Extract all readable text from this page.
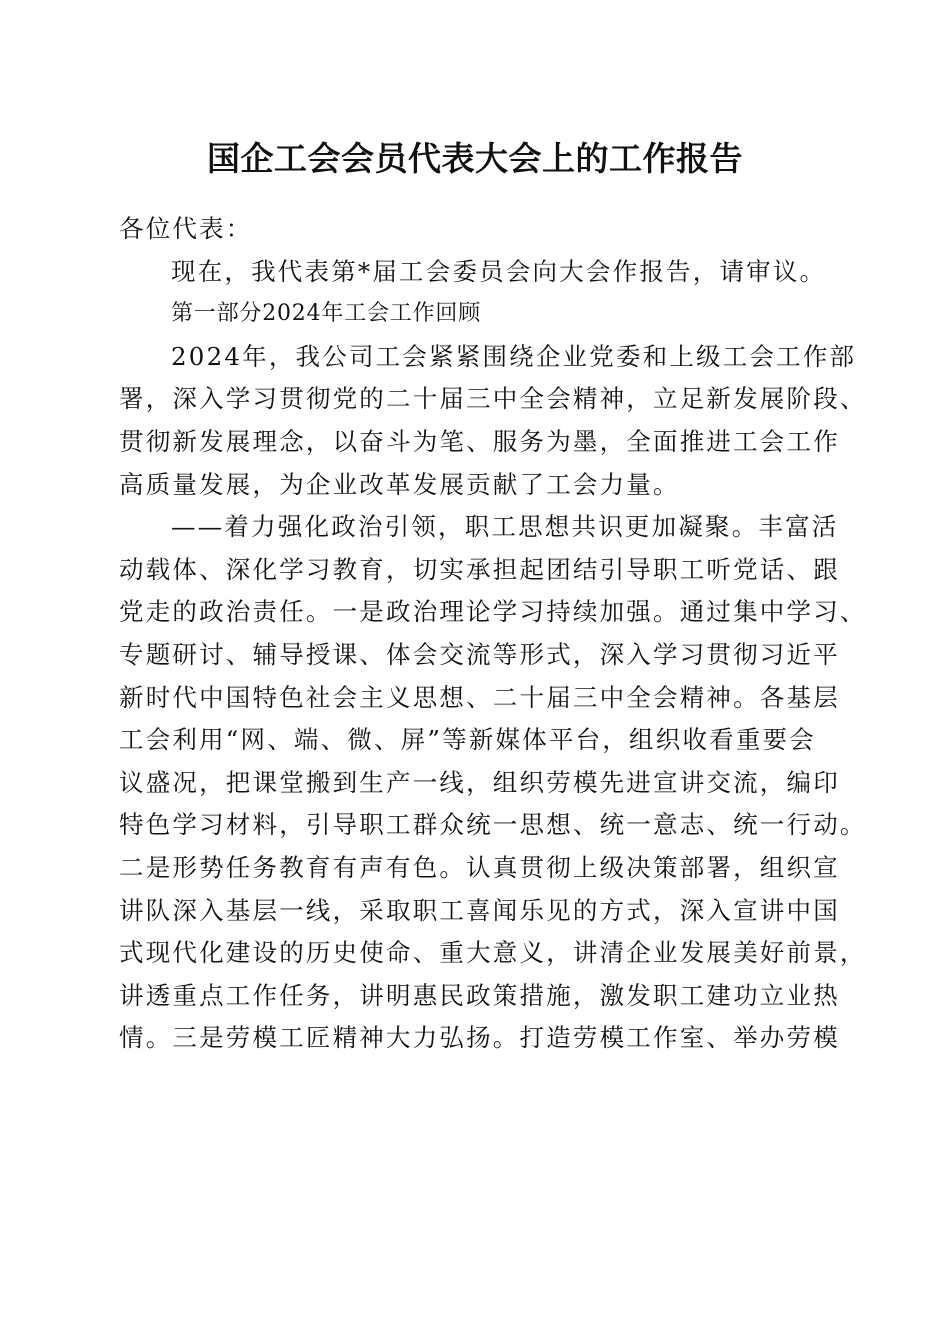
国企工会会员代表大会上的工作报告
各位代表：
现在，我代表第*届工会委员会向大会作报告，请审议。
第一部分2024年工会工作回顾
2024年，我公司工会紧紧围绕企业党委和上级工会工作部
署，深入学习贯彻党的二十届三中全会精神，立足新发展阶段、
贯彻新发展理念，以奋斗为笔、服务为墨，全面推进工会工作
高质量发展，为企业改革发展贡献了工会力量。
——着力强化政治引领，职工思想共识更加凝聚。丰富活
动载体、深化学习教育，切实承担起团结引导职工听党话、跟
党走的政治责任。一是政治理论学习持续加强。通过集中学习、
专题研讨、辅导授课、体会交流等形式，深入学习贯彻习近平
新时代中国特色社会主义思想、二十届三中全会精神。各基层
工会利用“网、端、微、屏”等新媒体平台，组织收看重要会
议盛况，把课堂搬到生产一线，组织劳模先进宣讲交流，编印
特色学习材料，引导职工群众统一思想、统一意志、统一行动。
二是形势任务教育有声有色。认真贯彻上级决策部署，组织宣
讲队深入基层一线，采取职工喜闻乐见的方式，深入宣讲中国
式现代化建设的历史使命、重大意义，讲清企业发展美好前景，
讲透重点工作任务，讲明惠民政策措施，激发职工建功立业热
情。三是劳模工匠精神大力弘扬。打造劳模工作室、举办劳模
